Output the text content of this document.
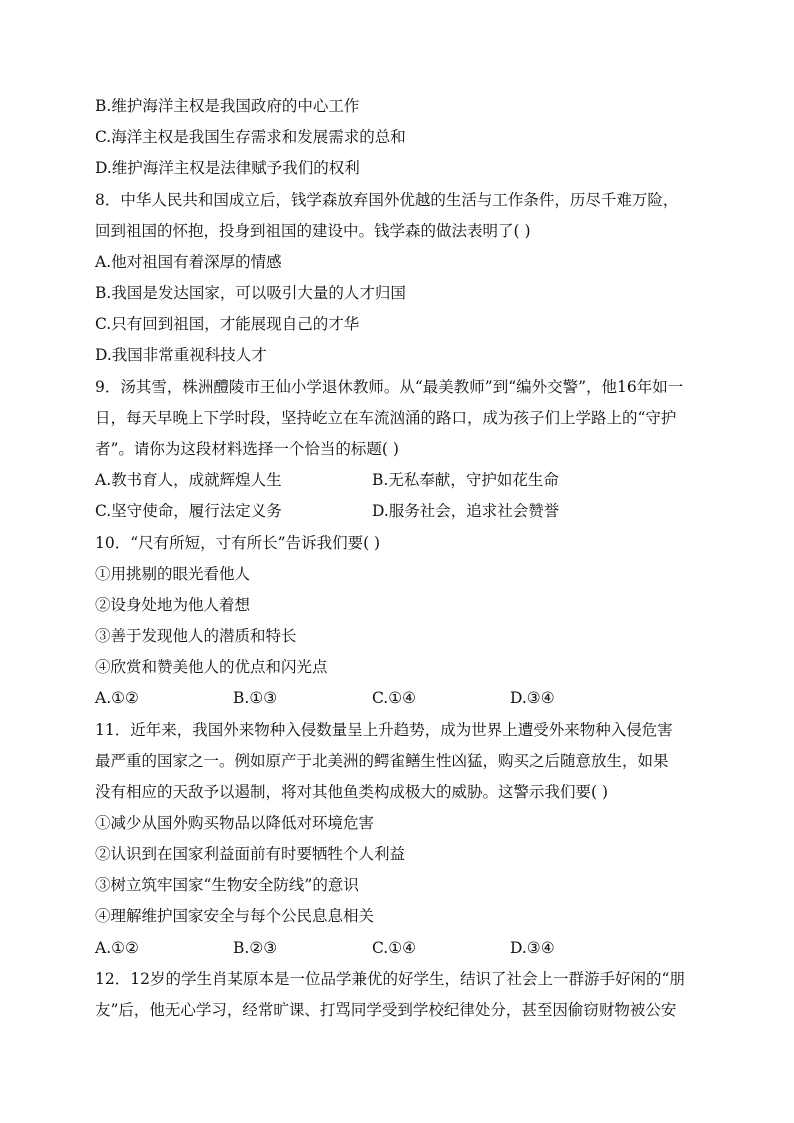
B.维护海洋主权是我国政府的中心工作
C.海洋主权是我国生存需求和发展需求的总和
D.维护海洋主权是法律赋予我们的权利
8．中华人民共和国成立后，钱学森放弃国外优越的生活与工作条件，历尽千难万险，
回到祖国的怀抱，投身到祖国的建设中。钱学森的做法表明了( )
A.他对祖国有着深厚的情感
B.我国是发达国家，可以吸引大量的人才归国
C.只有回到祖国，才能展现自己的才华
D.我国非常重视科技人才
9．汤其雪，株洲醴陵市王仙小学退休教师。从“最美教师”到“编外交警”，他16年如一
日，每天早晚上下学时段，坚持屹立在车流汹涌的路口，成为孩子们上学路上的“守护
者”。请你为这段材料选择一个恰当的标题( )
A.教书育人，成就辉煌人生	B.无私奉献，守护如花生命
C.坚守使命，履行法定义务	D.服务社会，追求社会赞誉
10．“尺有所短，寸有所长”告诉我们要( )
①用挑剔的眼光看他人
②设身处地为他人着想
③善于发现他人的潜质和特长
④欣赏和赞美他人的优点和闪光点
A.①②	B.①③	C.①④	D.③④
11．近年来，我国外来物种入侵数量呈上升趋势，成为世界上遭受外来物种入侵危害
最严重的国家之一。例如原产于北美洲的鳄雀鳝生性凶猛，购买之后随意放生，如果
没有相应的天敌予以遏制，将对其他鱼类构成极大的威胁。这警示我们要( )
①减少从国外购买物品以降低对环境危害
②认识到在国家利益面前有时要牺牲个人利益
③树立筑牢国家“生物安全防线”的意识
④理解维护国家安全与每个公民息息相关
A.①②	B.②③	C.①④	D.③④
12．12岁的学生肖某原本是一位品学兼优的好学生，结识了社会上一群游手好闲的“朋
友”后，他无心学习，经常旷课、打骂同学受到学校纪律处分，甚至因偷窃财物被公安
